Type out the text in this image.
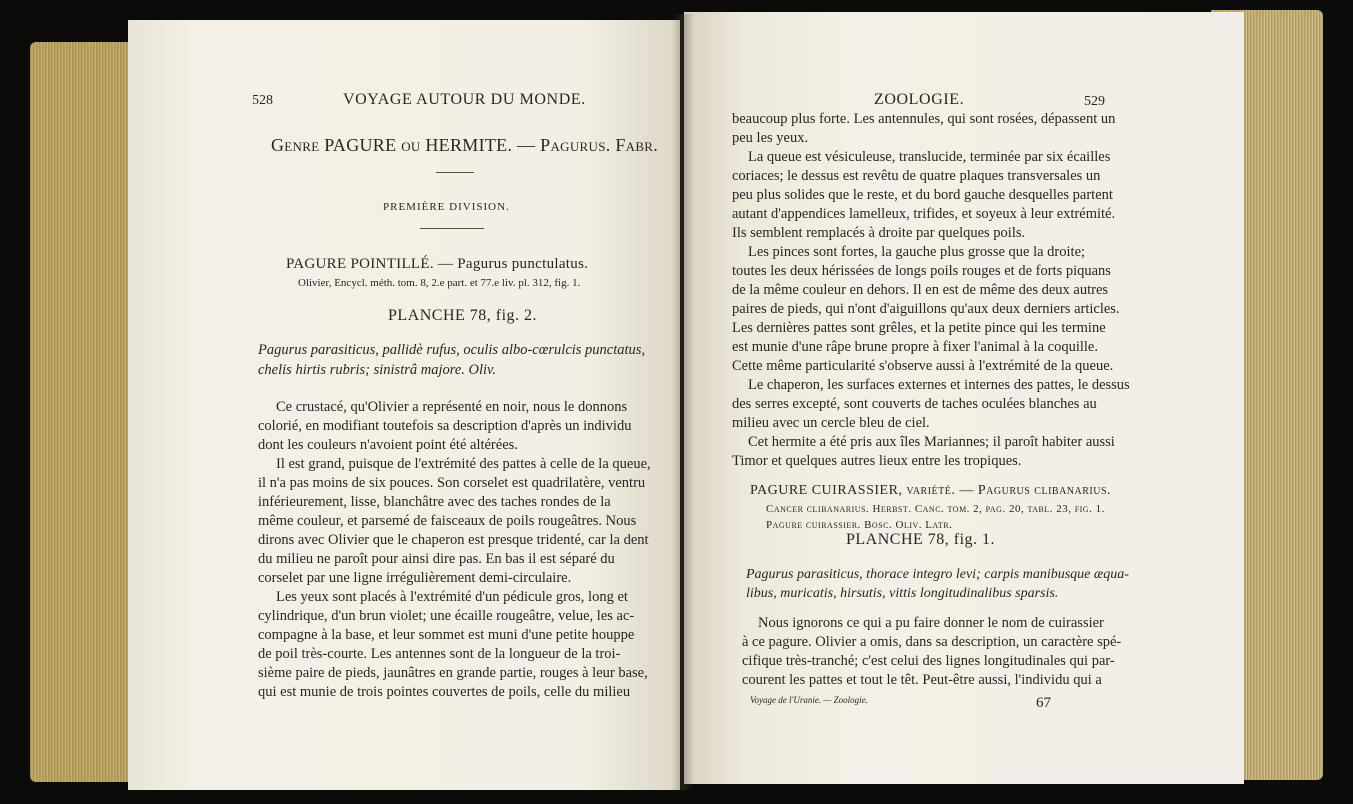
528	VOYAGE AUTOUR DU MONDE.
Genre PAGURE ou HERMITE. — Pagurus. Fabr.
PREMIÈRE DIVISION.
PAGURE POINTILLÉ. — Pagurus punctulatus.
Olivier, Encycl. méth. tom. 8, 2.e part. et 77.e liv. pl. 312, fig. 1.
PLANCHE 78, fig. 2.
Pagurus parasiticus, pallidè rufus, oculis albo-cœrulcis punctatus,
chelis hirtis rubris; sinistrâ majore. Oliv.
Ce crustacé, qu'Olivier a représenté en noir, nous le donnons
colorié, en modifiant toutefois sa description d'après un individu
dont les couleurs n'avoient point été altérées.
Il est grand, puisque de l'extrémité des pattes à celle de la queue,
il n'a pas moins de six pouces. Son corselet est quadrilatère, ventru
inférieurement, lisse, blanchâtre avec des taches rondes de la
même couleur, et parsemé de faisceaux de poils rougeâtres. Nous
dirons avec Olivier que le chaperon est presque tridenté, car la dent
du milieu ne paroît pour ainsi dire pas. En bas il est séparé du
corselet par une ligne irrégulièrement demi-circulaire.
Les yeux sont placés à l'extrémité d'un pédicule gros, long et
cylindrique, d'un brun violet; une écaille rougeâtre, velue, les ac-
compagne à la base, et leur sommet est muni d'une petite houppe
de poil très-courte. Les antennes sont de la longueur de la troi-
sième paire de pieds, jaunâtres en grande partie, rouges à leur base,
qui est munie de trois pointes couvertes de poils, celle du milieu
ZOOLOGIE.	529
beaucoup plus forte. Les antennules, qui sont rosées, dépassent un
peu les yeux.
La queue est vésiculeuse, translucide, terminée par six écailles
coriaces; le dessus est revêtu de quatre plaques transversales un
peu plus solides que le reste, et du bord gauche desquelles partent
autant d'appendices lamelleux, trifides, et soyeux à leur extrémité.
Ils semblent remplacés à droite par quelques poils.
Les pinces sont fortes, la gauche plus grosse que la droite;
toutes les deux hérissées de longs poils rouges et de forts piquans
de la même couleur en dehors. Il en est de même des deux autres
paires de pieds, qui n'ont d'aiguillons qu'aux deux derniers articles.
Les dernières pattes sont grêles, et la petite pince qui les termine
est munie d'une râpe brune propre à fixer l'animal à la coquille.
Cette même particularité s'observe aussi à l'extrémité de la queue.
Le chaperon, les surfaces externes et internes des pattes, le dessus
des serres excepté, sont couverts de taches oculées blanches au
milieu avec un cercle bleu de ciel.
Cet hermite a été pris aux îles Mariannes; il paroît habiter aussi
Timor et quelques autres lieux entre les tropiques.
PAGURE CUIRASSIER, variété. — Pagurus clibanarius.
Cancer clibanarius. Herbst. Canc. tom. 2, pag. 20, tabl. 23, fig. 1.
Pagure cuirassier. Bosc. Oliv. Latr.
PLANCHE 78, fig. 1.
Pagurus parasiticus, thorace integro levi; carpis manibusque æqua-
libus, muricatis, hirsutis, vittis longitudinalibus sparsis.
Nous ignorons ce qui a pu faire donner le nom de cuirassier
à ce pagure. Olivier a omis, dans sa description, un caractère spé-
cifique très-tranché; c'est celui des lignes longitudinales qui par-
courent les pattes et tout le têt. Peut-être aussi, l'individu qui a
Voyage de l'Uranie. — Zoologie.	67
